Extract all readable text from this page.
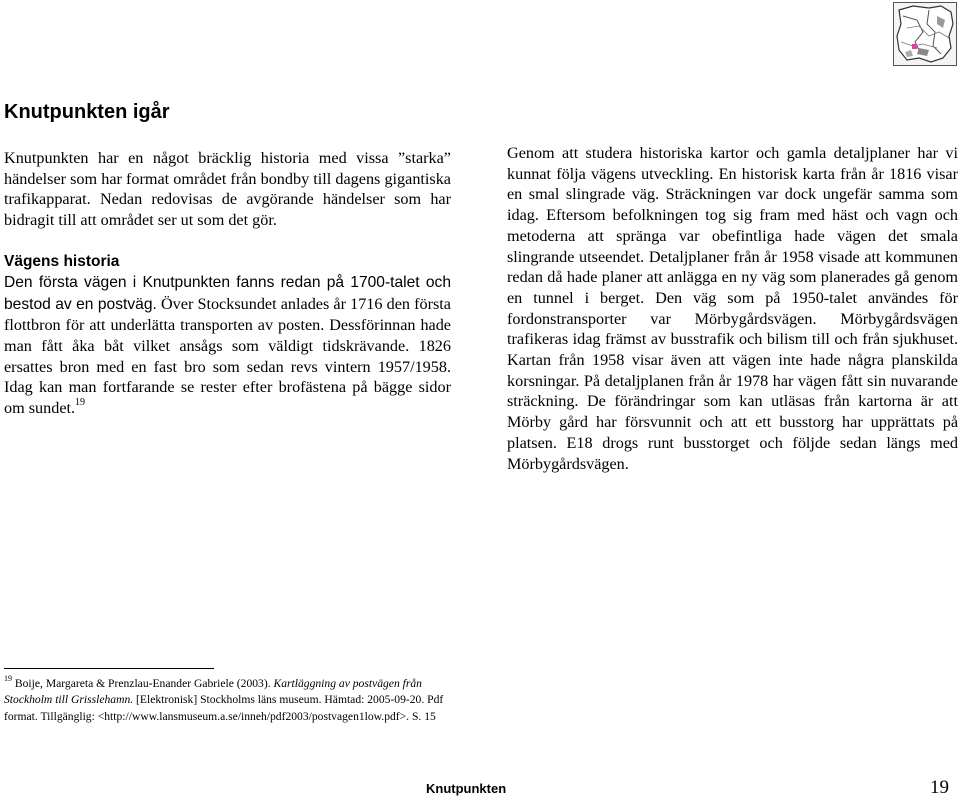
Knutpunkten igår

Knutpunkten har en något bräcklig historia med vissa ”starka” händelser som har format området från bondby till dagens gigantiska trafikapparat. Nedan redovisas de avgörande händelser som har bidragit till att området ser ut som det gör.

Vägens historia

Den första vägen i Knutpunkten fanns redan på 1700-talet och bestod av en postväg. Över Stocksundet anlades år 1716 den första flottbron för att underlätta transporten av posten. Dessförinnan hade man fått åka båt vilket ansågs som väldigt tidskrävande. 1826 ersattes bron med en fast bro som sedan revs vintern 1957/1958. Idag kan man fortfarande se rester efter brofästena på bägge sidor om sundet.$^{19}$

Genom att studera historiska kartor och gamla detaljplaner har vi kunnat följa vägens utveckling. En historisk karta från år 1816 visar en smal slingrade väg. Sträckningen var dock ungefär samma som idag. Eftersom befolkningen tog sig fram med häst och vagn och metoderna att spränga var obefintliga hade vägen det smala slingrande utseendet. Detaljplaner från år 1958 visade att kommunen redan då hade planer att anlägga en ny väg som planerades gå genom en tunnel i berget. Den väg som på 1950-talet användes för fordonstransporter var Mörbygårdsvägen. Mörbygårdsvägen trafikeras idag främst av busstrafik och bilism till och från sjukhuset. Kartan från 1958 visar även att vägen inte hade några planskilda korsningar. På detaljplanen från år 1978 har vägen fått sin nuvarande sträckning. De förändringar som kan utläsas från kartorna är att Mörby gård har försvunnit och att ett busstorg har upprättats på platsen. E18 drogs runt busstorget och följde sedan längs med Mörbygårdsvägen.

$^{19}$ Boije, Margareta & Prenzlau-Enander Gabriele (2003). Kartläggning av postvägen från Stockholm till Grisslehamn. [Elektronisk] Stockholms läns museum. Hämtad: 2005-09-20. Pdf format. Tillgänglig: <http://www.lansmuseum.a.se/inneh/pdf2003/postvagen1low.pdf>. S. 15
Knutpunkten	19
